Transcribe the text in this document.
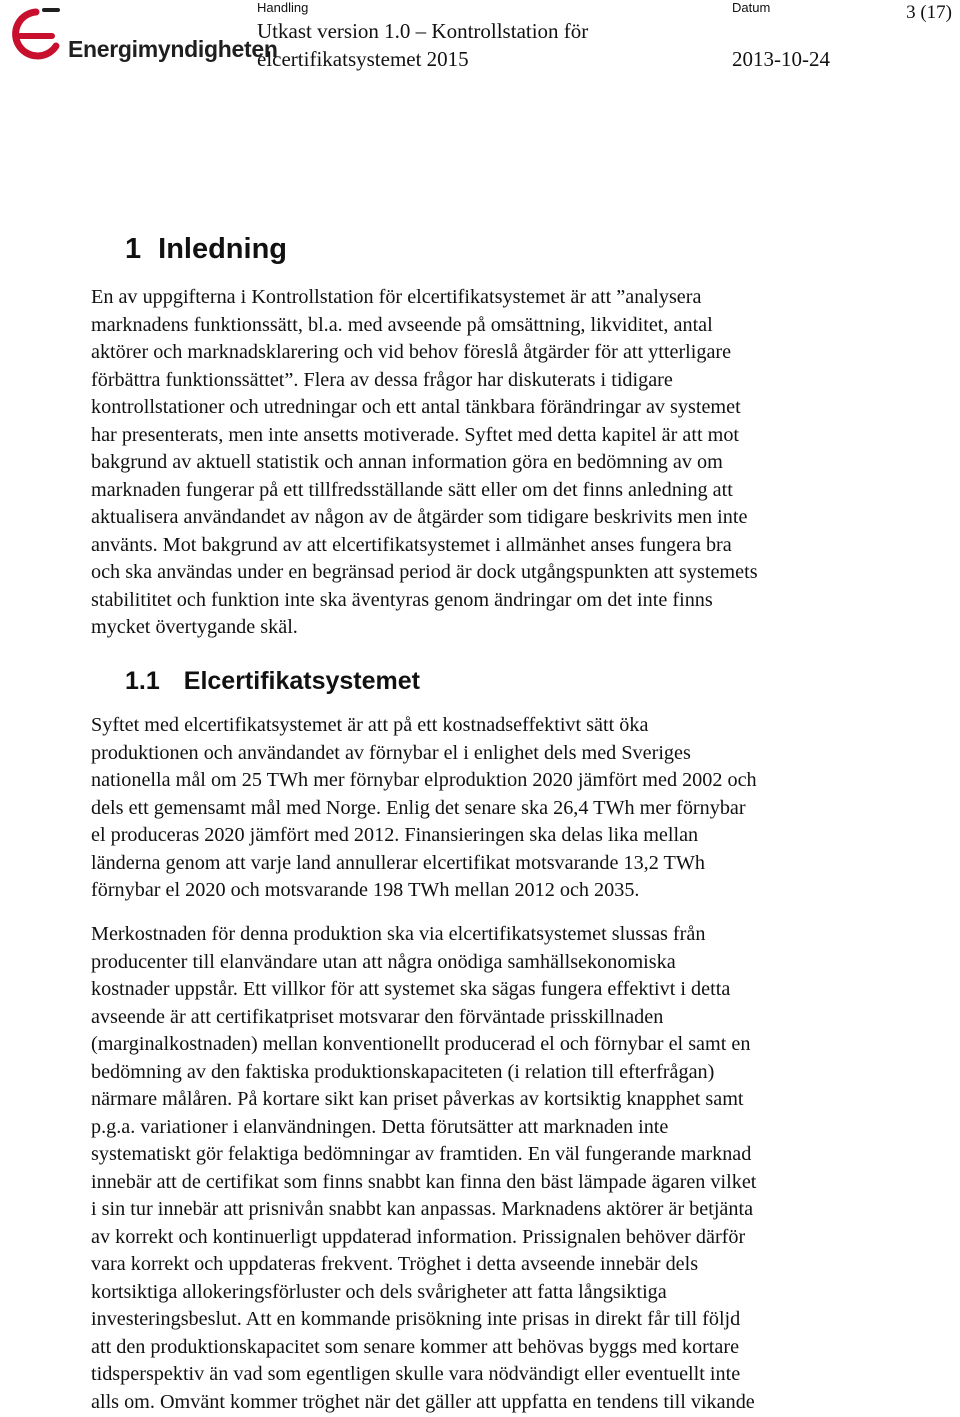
Energimyndigheten
Handling
Utkast version 1.0 – Kontrollstation för
elcertifikatsystemet 2015
Datum
2013-10-24
3 (17)
1 Inledning
En av uppgifterna i Kontrollstation för elcertifikatsystemet är att ”analysera
marknadens funktionssätt, bl.a. med avseende på omsättning, likviditet, antal
aktörer och marknadsklarering och vid behov föreslå åtgärder för att ytterligare
förbättra funktionssättet”. Flera av dessa frågor har diskuterats i tidigare
kontrollstationer och utredningar och ett antal tänkbara förändringar av systemet
har presenterats, men inte ansetts motiverade. Syftet med detta kapitel är att mot
bakgrund av aktuell statistik och annan information göra en bedömning av om
marknaden fungerar på ett tillfredsställande sätt eller om det finns anledning att
aktualisera användandet av någon av de åtgärder som tidigare beskrivits men inte
använts. Mot bakgrund av att elcertifikatsystemet i allmänhet anses fungera bra
och ska användas under en begränsad period är dock utgångspunkten att systemets
stabilititet och funktion inte ska äventyras genom ändringar om det inte finns
mycket övertygande skäl.
1.1 Elcertifikatsystemet
Syftet med elcertifikatsystemet är att på ett kostnadseffektivt sätt öka
produktionen och användandet av förnybar el i enlighet dels med Sveriges
nationella mål om 25 TWh mer förnybar elproduktion 2020 jämfört med 2002 och
dels ett gemensamt mål med Norge. Enlig det senare ska 26,4 TWh mer förnybar
el produceras 2020 jämfört med 2012. Finansieringen ska delas lika mellan
länderna genom att varje land annullerar elcertifikat motsvarande 13,2 TWh
förnybar el 2020 och motsvarande 198 TWh mellan 2012 och 2035.
Merkostnaden för denna produktion ska via elcertifikatsystemet slussas från
producenter till elanvändare utan att några onödiga samhällsekonomiska
kostnader uppstår. Ett villkor för att systemet ska sägas fungera effektivt i detta
avseende är att certifikatpriset motsvarar den förväntade prisskillnaden
(marginalkostnaden) mellan konventionellt producerad el och förnybar el samt en
bedömning av den faktiska produktionskapaciteten (i relation till efterfrågan)
närmare målåren. På kortare sikt kan priset påverkas av kortsiktig knapphet samt
p.g.a. variationer i elanvändningen. Detta förutsätter att marknaden inte
systematiskt gör felaktiga bedömningar av framtiden. En väl fungerande marknad
innebär att de certifikat som finns snabbt kan finna den bäst lämpade ägaren vilket
i sin tur innebär att prisnivån snabbt kan anpassas. Marknadens aktörer är betjänta
av korrekt och kontinuerligt uppdaterad information. Prissignalen behöver därför
vara korrekt och uppdateras frekvent. Tröghet i detta avseende innebär dels
kortsiktiga allokeringsförluster och dels svårigheter att fatta långsiktiga
investeringsbeslut. Att en kommande prisökning inte prisas in direkt får till följd
att den produktionskapacitet som senare kommer att behövas byggs med kortare
tidsperspektiv än vad som egentligen skulle vara nödvändigt eller eventuellt inte
alls om. Omvänt kommer tröghet när det gäller att uppfatta en tendens till vikande
